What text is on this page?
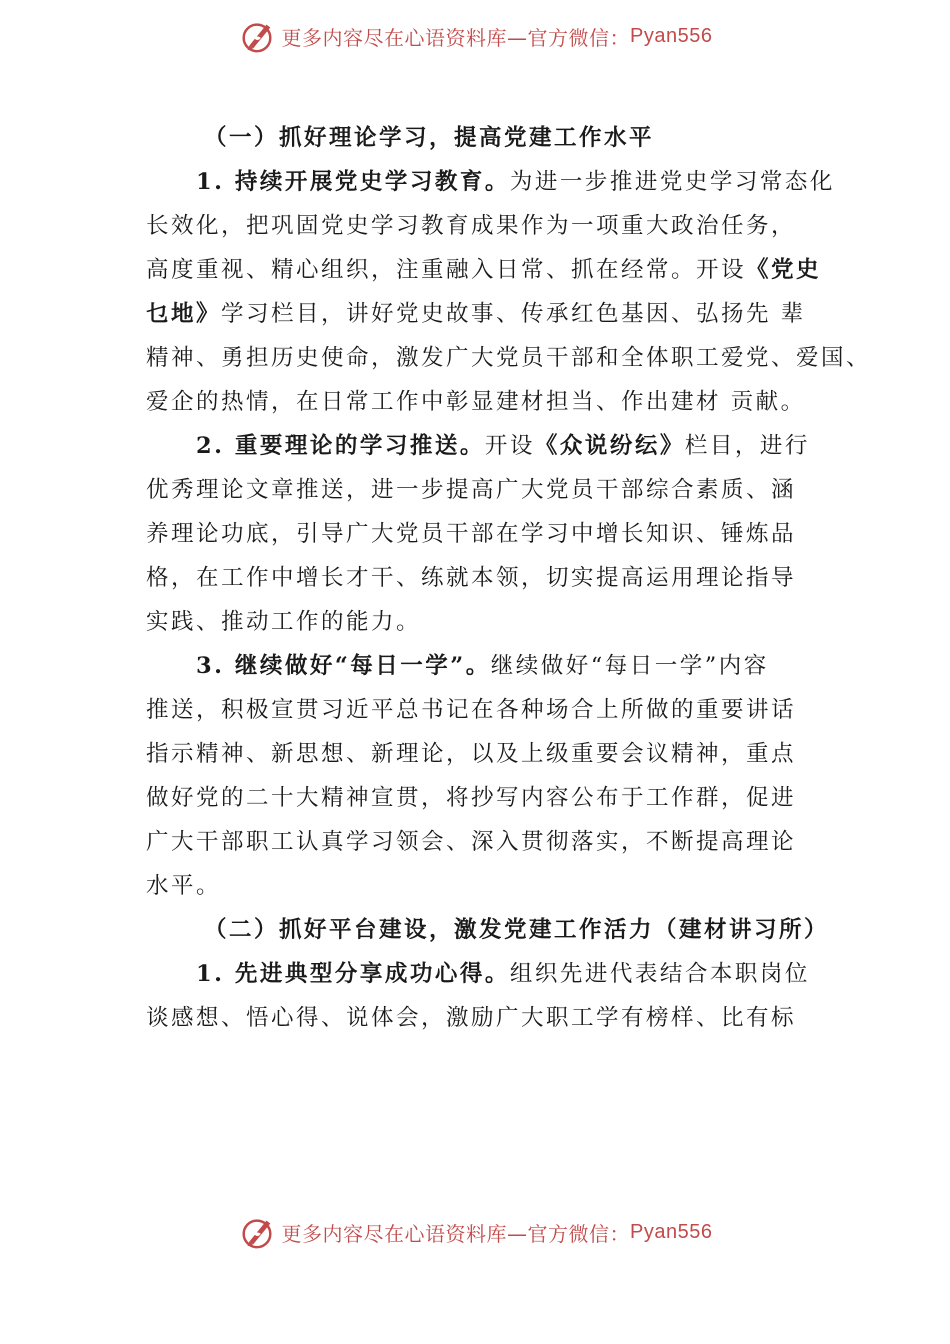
更多内容尽在心语资料库—官方微信： Pyan556
（一）抓好理论学习，提高党建工作水平
1. 持续开展党史学习教育。为进一步推进党史学习常态化
长效化，把巩固党史学习教育成果作为一项重大政治任务，
高度重视、精心组织，注重融入日常、抓在经常。开设《党史
乜地》学习栏目，讲好党史故事、传承红色基因、弘扬先 辈
精神、勇担历史使命，激发广大党员干部和全体职工爱党、爱国、
爱企的热情，在日常工作中彰显建材担当、作出建材 贡献。
2. 重要理论的学习推送。开设《众说纷纭》栏目，进行
优秀理论文章推送，进一步提高广大党员干部综合素质、涵
养理论功底，引导广大党员干部在学习中增长知识、锤炼品
格，在工作中增长才干、练就本领，切实提高运用理论指导
实践、推动工作的能力。
3. 继续做好“每日一学”。继续做好“每日一学”内容
推送，积极宣贯习近平总书记在各种场合上所做的重要讲话
指示精神、新思想、新理论，以及上级重要会议精神，重点
做好党的二十大精神宣贯，将抄写内容公布于工作群，促进
广大干部职工认真学习领会、深入贯彻落实，不断提高理论
水平。
（二）抓好平台建设，激发党建工作活力（建材讲习所）
1. 先进典型分享成功心得。组织先进代表结合本职岗位
谈感想、悟心得、说体会，激励广大职工学有榜样、比有标
更多内容尽在心语资料库—官方微信： Pyan556
